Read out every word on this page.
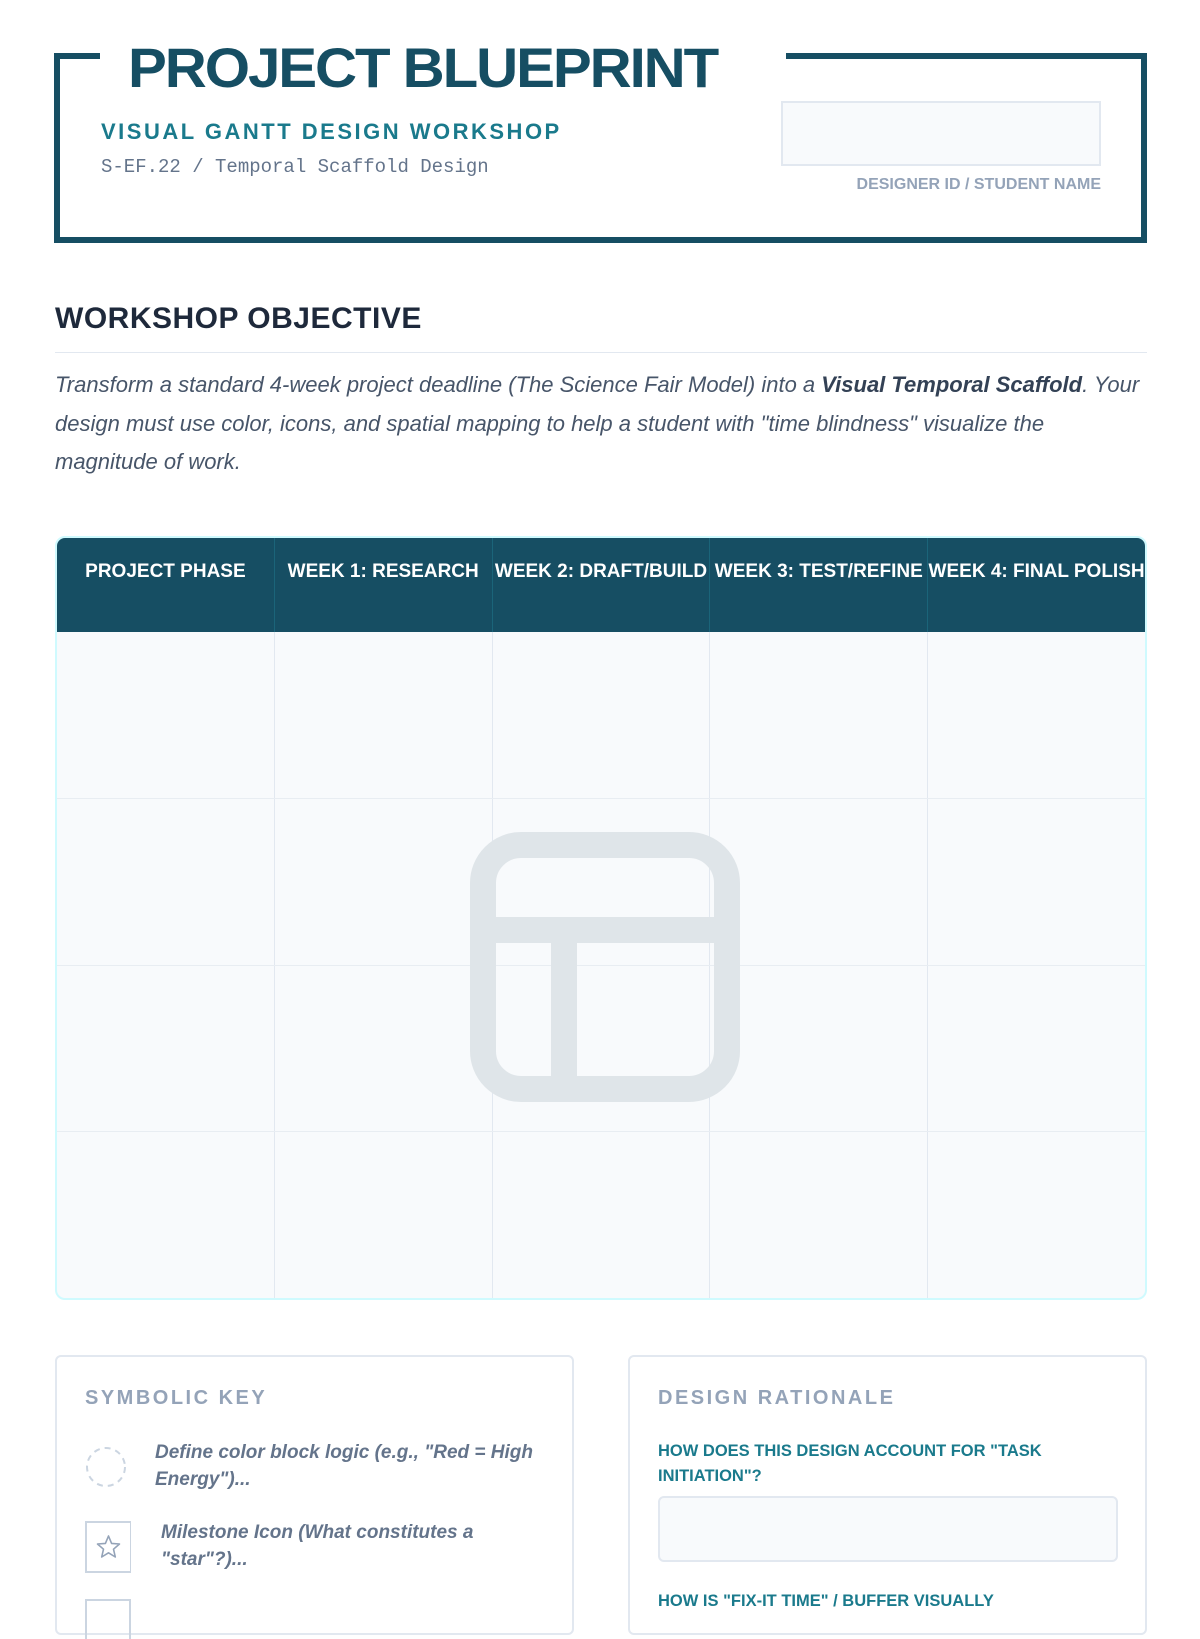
PROJECT BLUEPRINT
VISUAL GANTT DESIGN WORKSHOP
S-EF.22 / Temporal Scaffold Design
DESIGNER ID / STUDENT NAME
WORKSHOP OBJECTIVE

Transform a standard 4-week project deadline (The Science Fair Model) into a Visual Temporal Scaffold. Your design must use color, icons, and spatial mapping to help a student with "time blindness" visualize the magnitude of work.

PROJECT PHASE	WEEK 1: RESEARCH WEEK 2: DRAFT/BUILD WEEK 3: TEST/REFINE WEEK 4: FINAL POLISH
SYMBOLIC KEY
Define color block logic (e.g., "Red = High Energy")...
Milestone Icon (What constitutes a "star"?)...
DESIGN RATIONALE
HOW DOES THIS DESIGN ACCOUNT FOR "TASK INITIATION"?
HOW IS "FIX-IT TIME" / BUFFER VISUALLY
